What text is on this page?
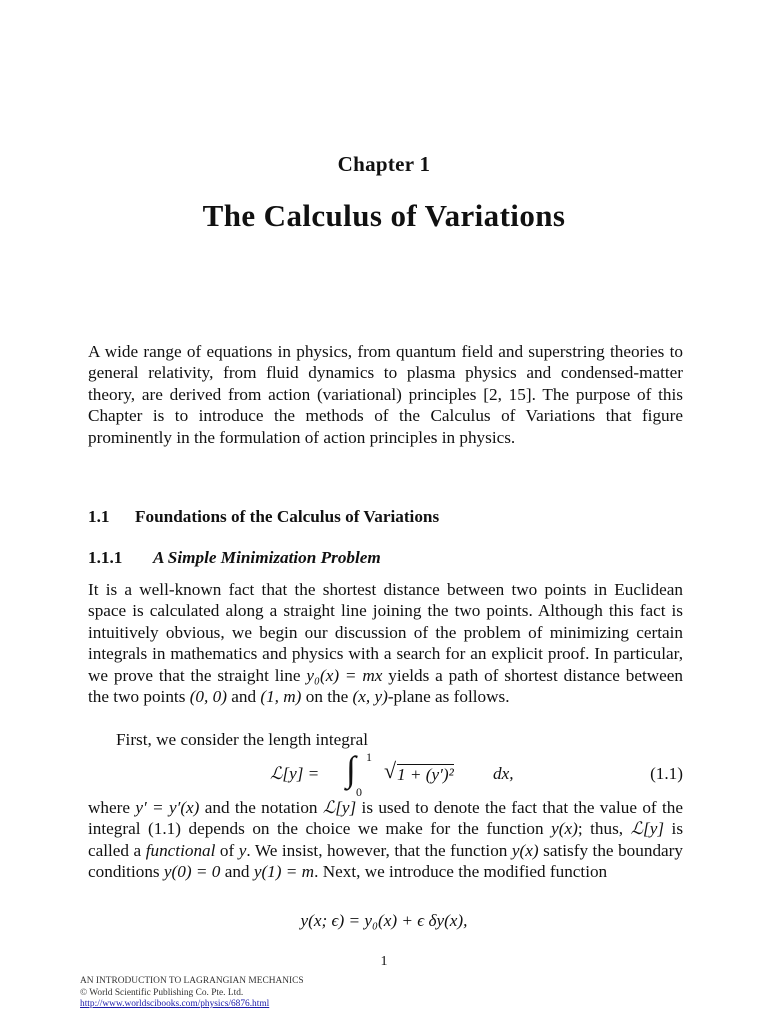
Chapter 1
The Calculus of Variations
A wide range of equations in physics, from quantum field and superstring theories to general relativity, from fluid dynamics to plasma physics and condensed-matter theory, are derived from action (variational) principles [2, 15]. The purpose of this Chapter is to introduce the methods of the Calculus of Variations that figure prominently in the formulation of action principles in physics.
1.1 Foundations of the Calculus of Variations
1.1.1 A Simple Minimization Problem
It is a well-known fact that the shortest distance between two points in Euclidean space is calculated along a straight line joining the two points. Although this fact is intuitively obvious, we begin our discussion of the problem of minimizing certain integrals in mathematics and physics with a search for an explicit proof. In particular, we prove that the straight line y₀(x) = mx yields a path of shortest distance between the two points (0, 0) and (1, m) on the (x, y)-plane as follows.
First, we consider the length integral
ℒ[y] = ∫ 1
0
√ 1 + (y′)² dx,	(1.1)
where y′ = y′(x) and the notation ℒ[y] is used to denote the fact that the value of the integral (1.1) depends on the choice we make for the function y(x); thus, ℒ[y] is called a functional of y. We insist, however, that the function y(x) satisfy the boundary conditions y(0) = 0 and y(1) = m. Next, we introduce the modified function
y(x; ϵ) = y₀(x) + ϵ δy(x),
1
AN INTRODUCTION TO LAGRANGIAN MECHANICS
© World Scientific Publishing Co. Pte. Ltd.
http://www.worldscibooks.com/physics/6876.html
